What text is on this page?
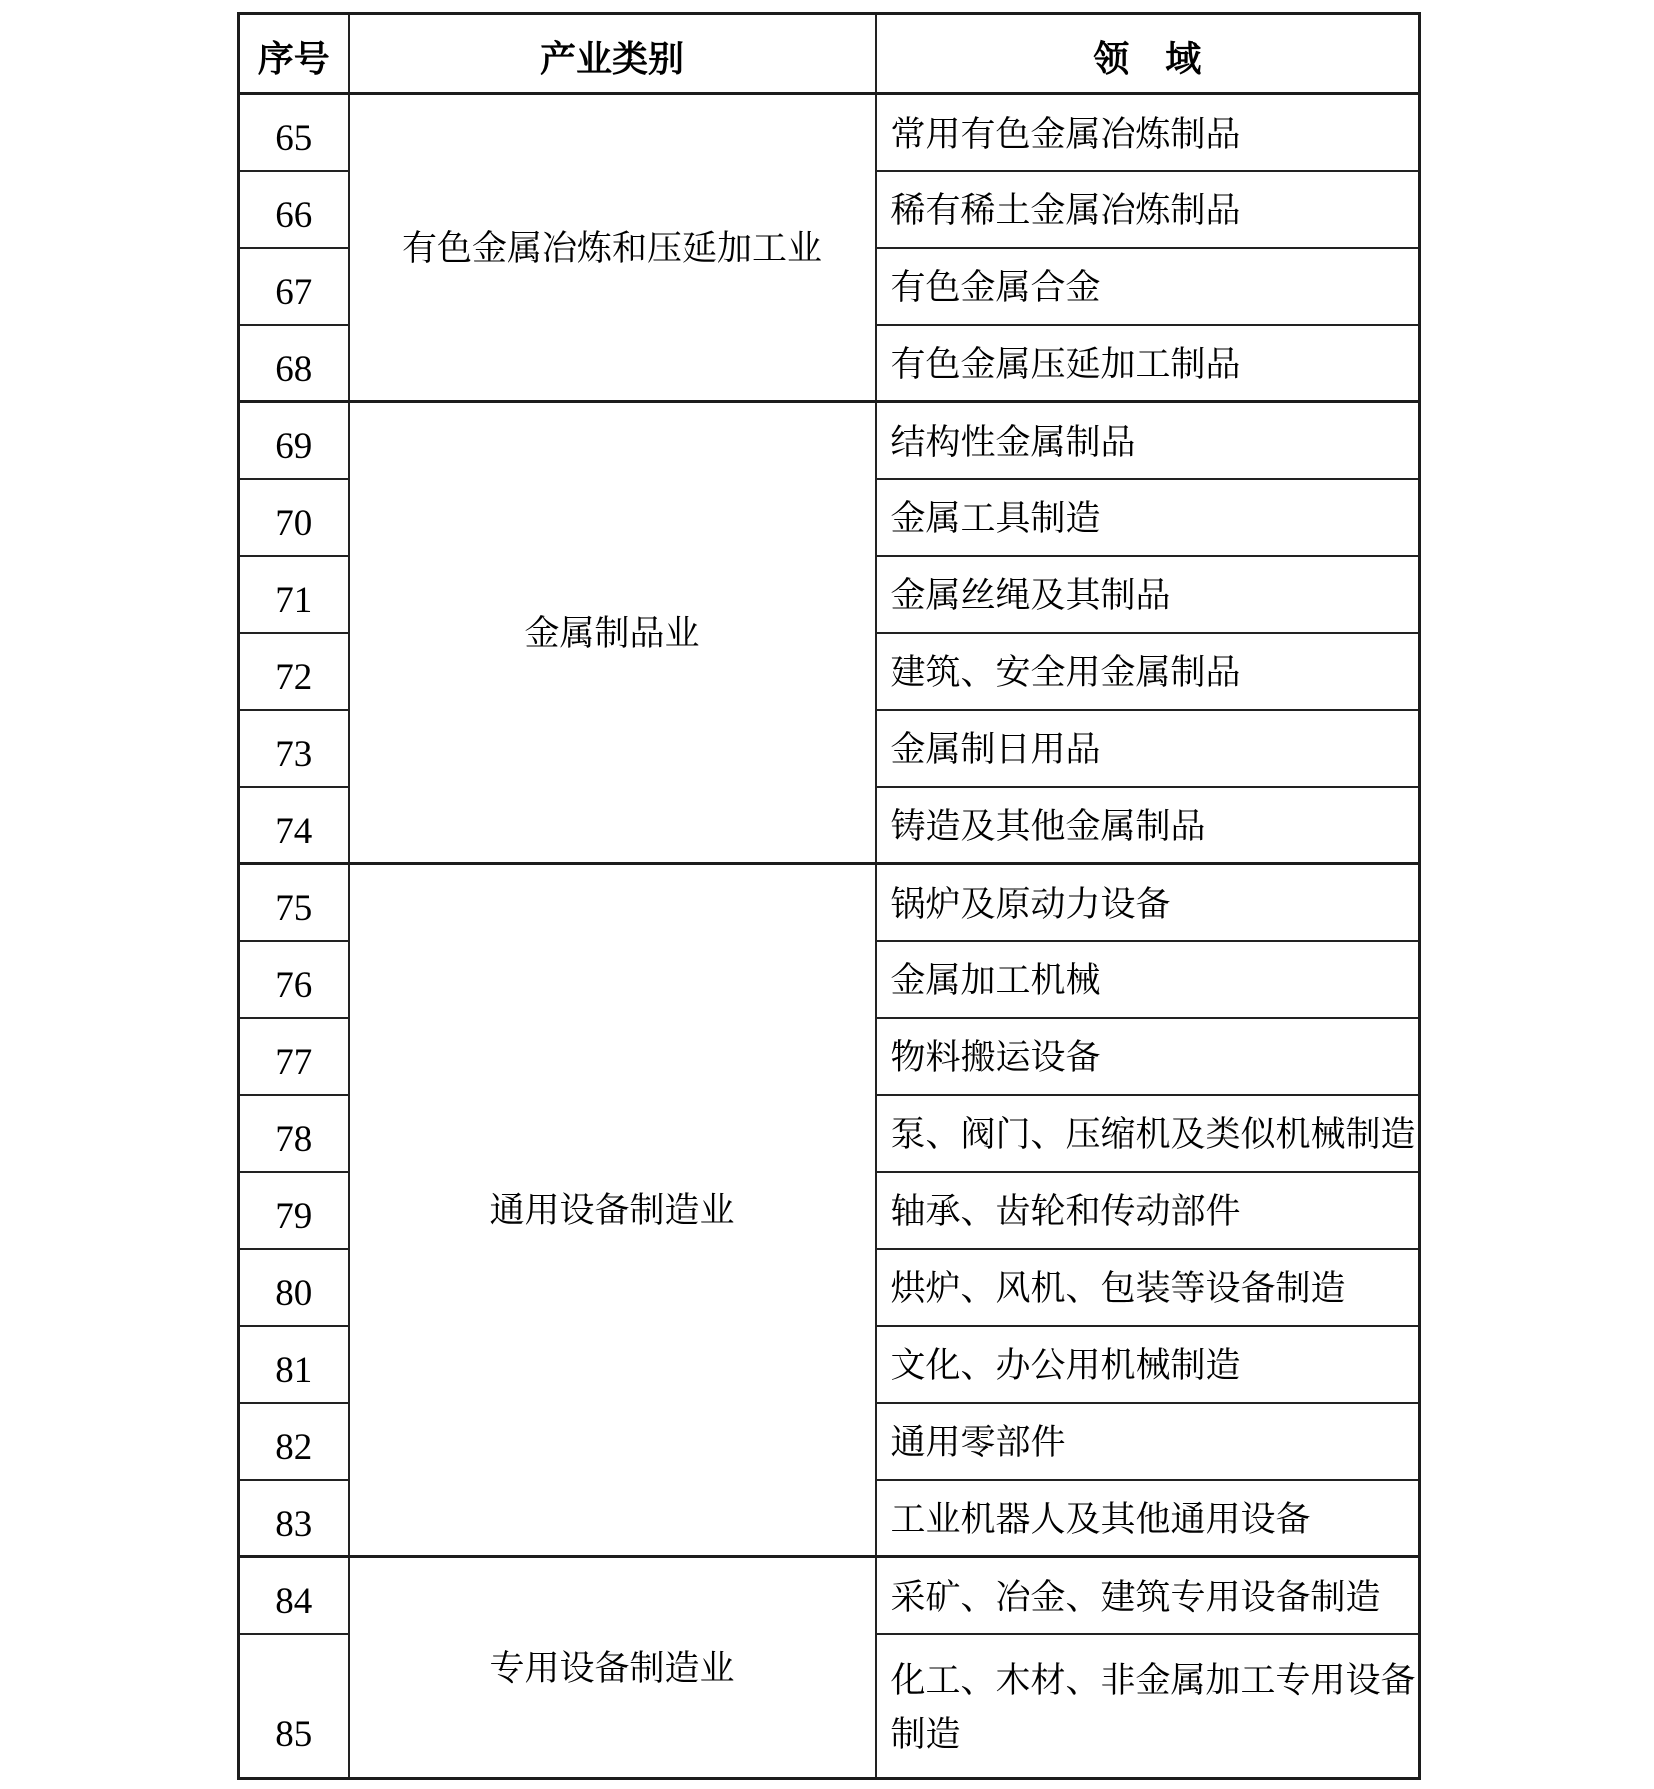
序号	产业类别	领　域
65	有色金属冶炼和压延加工业	常用有色金属冶炼制品
66		稀有稀土金属冶炼制品
67		有色金属合金
68		有色金属压延加工制品
69	金属制品业	结构性金属制品
70		金属工具制造
71		金属丝绳及其制品
72		建筑、安全用金属制品
73		金属制日用品
74		铸造及其他金属制品
75	通用设备制造业	锅炉及原动力设备
76		金属加工机械
77		物料搬运设备
78		泵、阀门、压缩机及类似机械制造
79		轴承、齿轮和传动部件
80		烘炉、风机、包装等设备制造
81		文化、办公用机械制造
82		通用零部件
83		工业机器人及其他通用设备
84	专用设备制造业	采矿、冶金、建筑专用设备制造
85		化工、木材、非金属加工专用设备制造
